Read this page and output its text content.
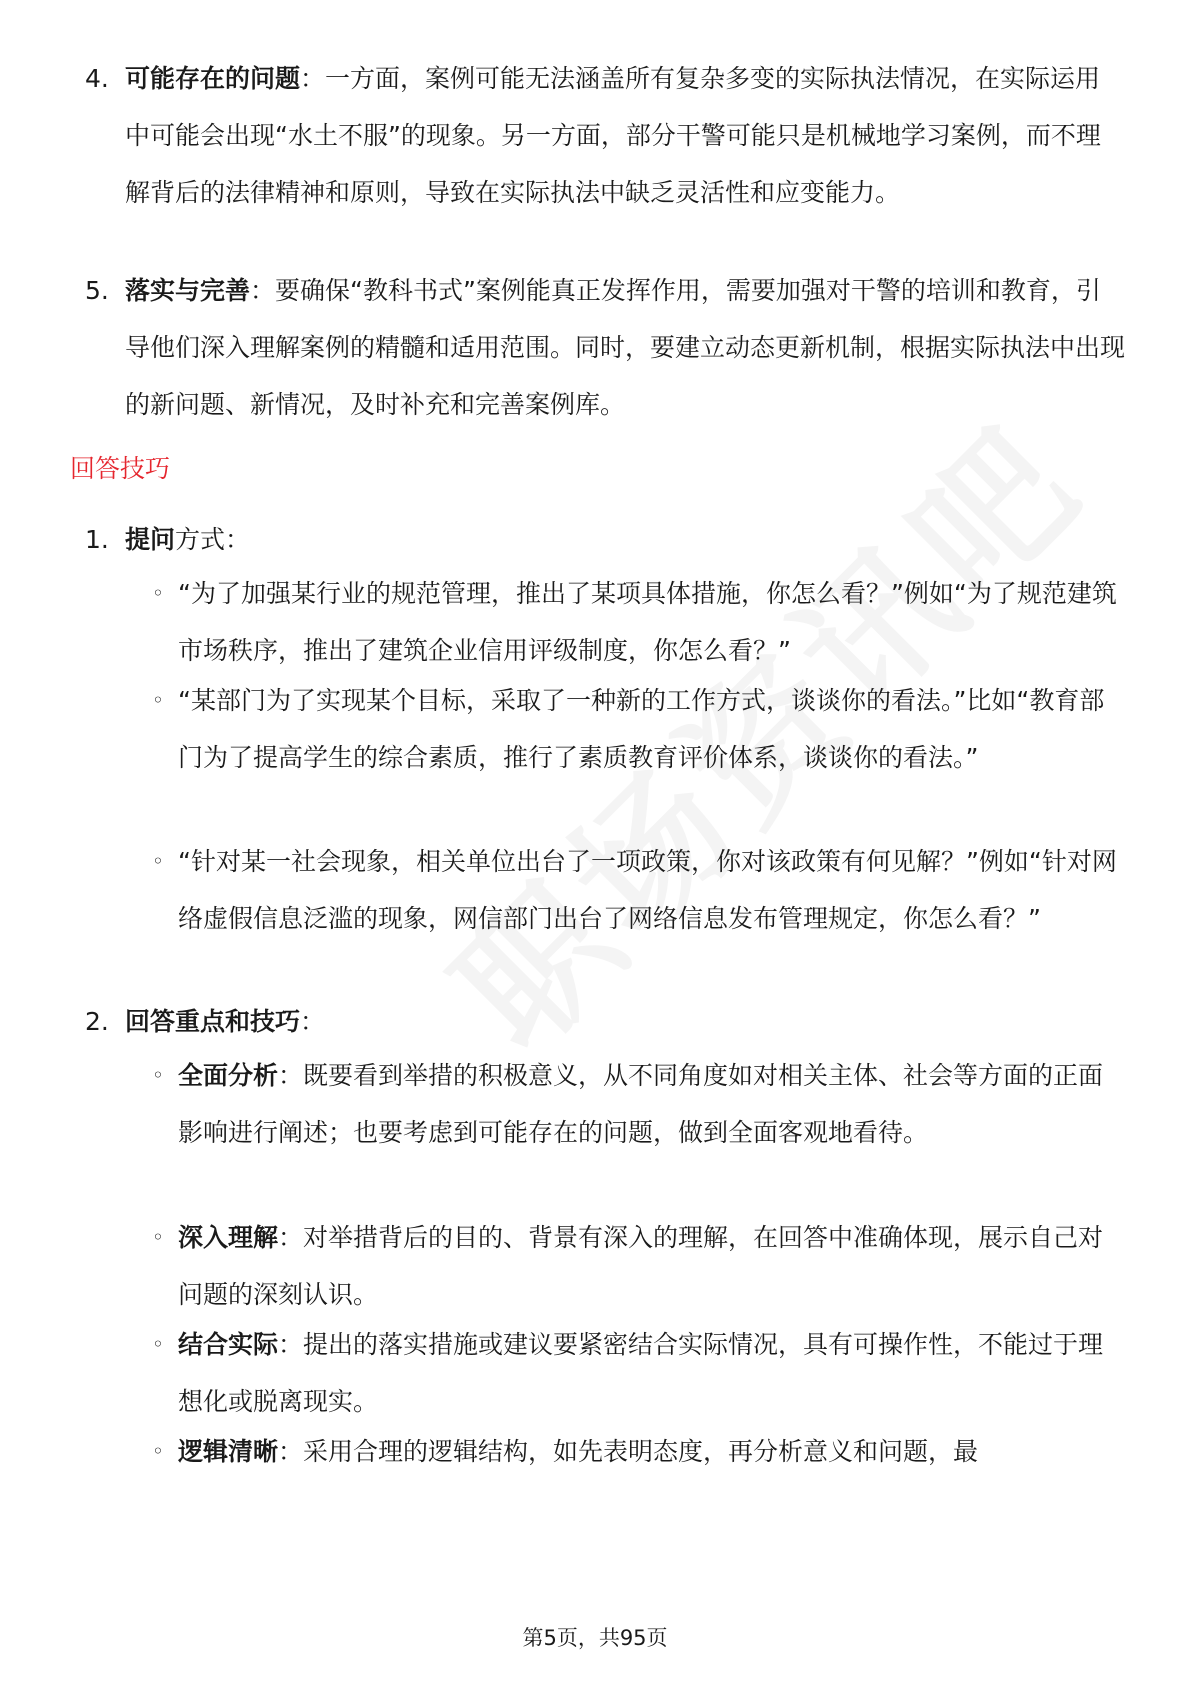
4. 可能存在的问题：一方面，案例可能无法涵盖所有复杂多变的实际执法情况，在实际运用中可能会出现“水土不服”的现象。另一方面，部分干警可能只是机械地学习案例，而不理解背后的法律精神和原则，导致在实际执法中缺乏灵活性和应变能力。
5. 落实与完善：要确保“教科书式”案例能真正发挥作用，需要加强对干警的培训和教育，引导他们深入理解案例的精髓和适用范围。同时，要建立动态更新机制，根据实际执法中出现的新问题、新情况，及时补充和完善案例库。
回答技巧
1. 提问方式：
◦ “为了加强某行业的规范管理，推出了某项具体措施，你怎么看？”例如“为了规范建筑市场秩序，推出了建筑企业信用评级制度，你怎么看？”
◦ “某部门为了实现某个目标，采取了一种新的工作方式，谈谈你的看法。”比如“教育部门为了提高学生的综合素质，推行了素质教育评价体系，谈谈你的看法。”
◦ “针对某一社会现象，相关单位出台了一项政策，你对该政策有何见解？”例如“针对网络虚假信息泛滥的现象，网信部门出台了网络信息发布管理规定，你怎么看？”
2. 回答重点和技巧：
◦ 全面分析：既要看到举措的积极意义，从不同角度如对相关主体、社会等方面的正面影响进行阐述；也要考虑到可能存在的问题，做到全面客观地看待。
◦ 深入理解：对举措背后的目的、背景有深入的理解，在回答中准确体现，展示自己对问题的深刻认识。
◦ 结合实际：提出的落实措施或建议要紧密结合实际情况，具有可操作性，不能过于理想化或脱离现实。
◦ 逻辑清晰：采用合理的逻辑结构，如先表明态度，再分析意义和问题，最
第5页，共95页
